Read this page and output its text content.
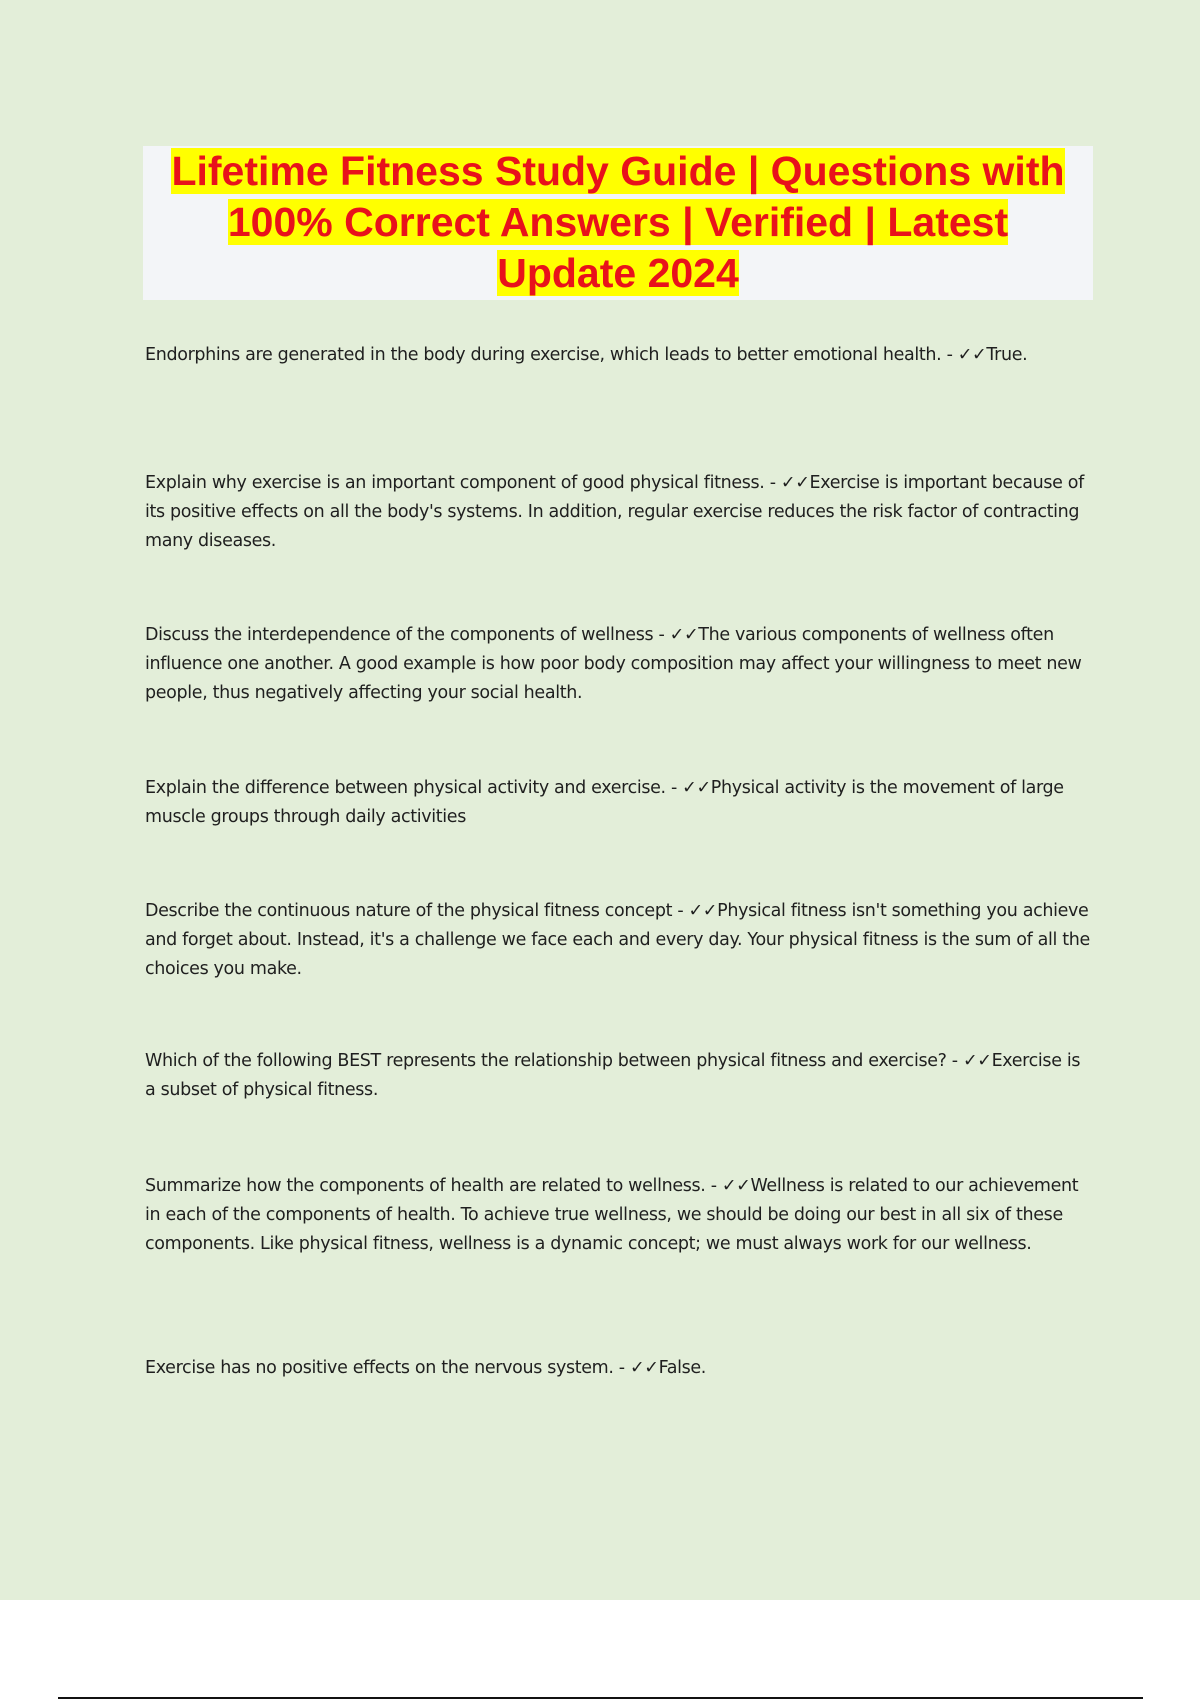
Lifetime Fitness Study Guide | Questions with 100% Correct Answers | Verified | Latest Update 2024

Endorphins are generated in the body during exercise, which leads to better emotional health. - ✓✓True.

Explain why exercise is an important component of good physical fitness. - ✓✓Exercise is important because of its positive effects on all the body's systems. In addition, regular exercise reduces the risk factor of contracting many diseases.

Discuss the interdependence of the components of wellness - ✓✓The various components of wellness often influence one another. A good example is how poor body composition may affect your willingness to meet new people, thus negatively affecting your social health.

Explain the difference between physical activity and exercise. - ✓✓Physical activity is the movement of large muscle groups through daily activities

Describe the continuous nature of the physical fitness concept - ✓✓Physical fitness isn't something you achieve and forget about. Instead, it's a challenge we face each and every day. Your physical fitness is the sum of all the choices you make.

Which of the following BEST represents the relationship between physical fitness and exercise? - ✓✓Exercise is a subset of physical fitness.

Summarize how the components of health are related to wellness. - ✓✓Wellness is related to our achievement in each of the components of health. To achieve true wellness, we should be doing our best in all six of these components. Like physical fitness, wellness is a dynamic concept; we must always work for our wellness.

Exercise has no positive effects on the nervous system. - ✓✓False.
